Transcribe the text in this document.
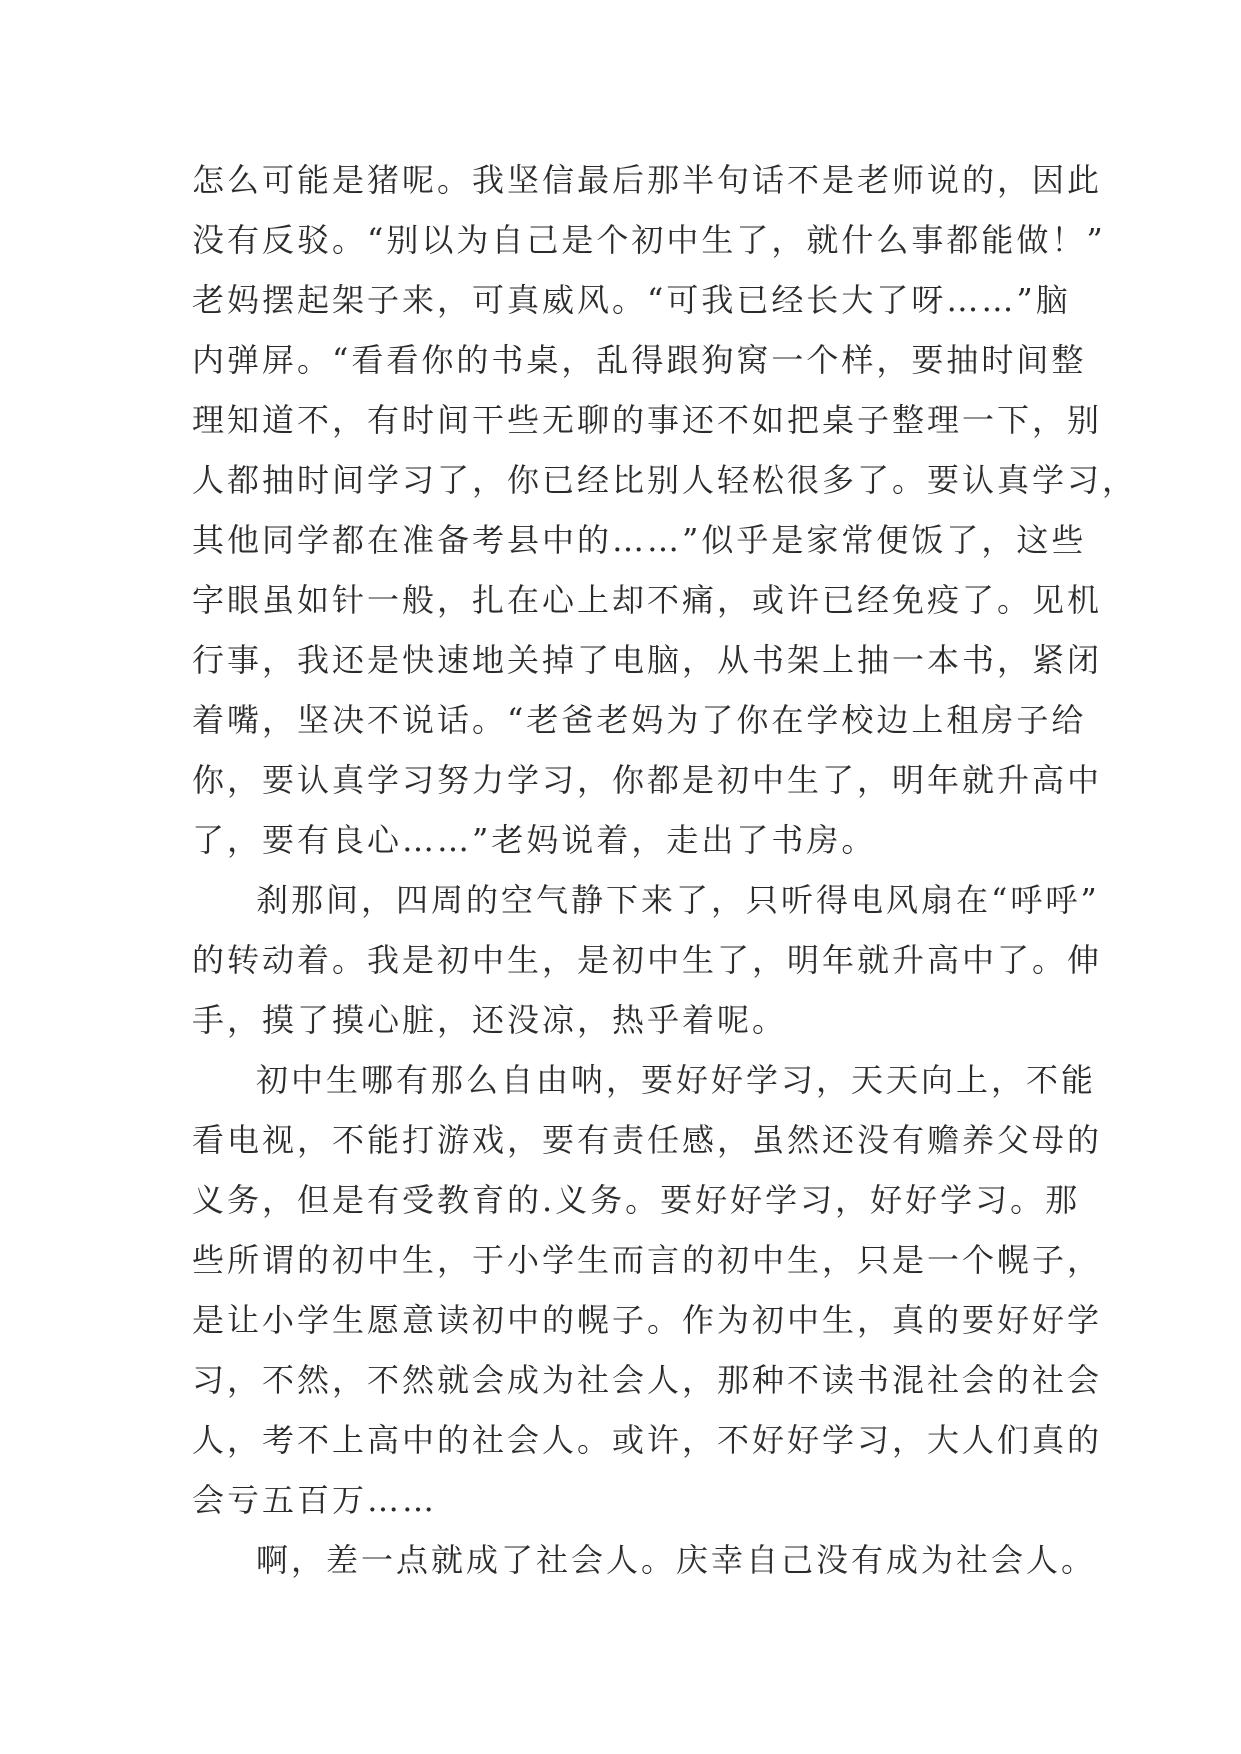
怎么可能是猪呢。我坚信最后那半句话不是老师说的，因此
没有反驳。“别以为自己是个初中生了，就什么事都能做！”
老妈摆起架子来，可真威风。“可我已经长大了呀……”脑
内弹屏。“看看你的书桌，乱得跟狗窝一个样，要抽时间整
理知道不，有时间干些无聊的事还不如把桌子整理一下，别
人都抽时间学习了，你已经比别人轻松很多了。要认真学习，
其他同学都在准备考县中的……”似乎是家常便饭了，这些
字眼虽如针一般，扎在心上却不痛，或许已经免疫了。见机
行事，我还是快速地关掉了电脑，从书架上抽一本书，紧闭
着嘴，坚决不说话。“老爸老妈为了你在学校边上租房子给
你，要认真学习努力学习，你都是初中生了，明年就升高中
了，要有良心……”老妈说着，走出了书房。
刹那间，四周的空气静下来了，只听得电风扇在“呼呼”
的转动着。我是初中生，是初中生了，明年就升高中了。伸
手，摸了摸心脏，还没凉，热乎着呢。
初中生哪有那么自由呐，要好好学习，天天向上，不能
看电视，不能打游戏，要有责任感，虽然还没有赡养父母的
义务，但是有受教育的.义务。要好好学习，好好学习。那
些所谓的初中生，于小学生而言的初中生，只是一个幌子，
是让小学生愿意读初中的幌子。作为初中生，真的要好好学
习，不然，不然就会成为社会人，那种不读书混社会的社会
人，考不上高中的社会人。或许，不好好学习，大人们真的
会亏五百万……
啊，差一点就成了社会人。庆幸自己没有成为社会人。
